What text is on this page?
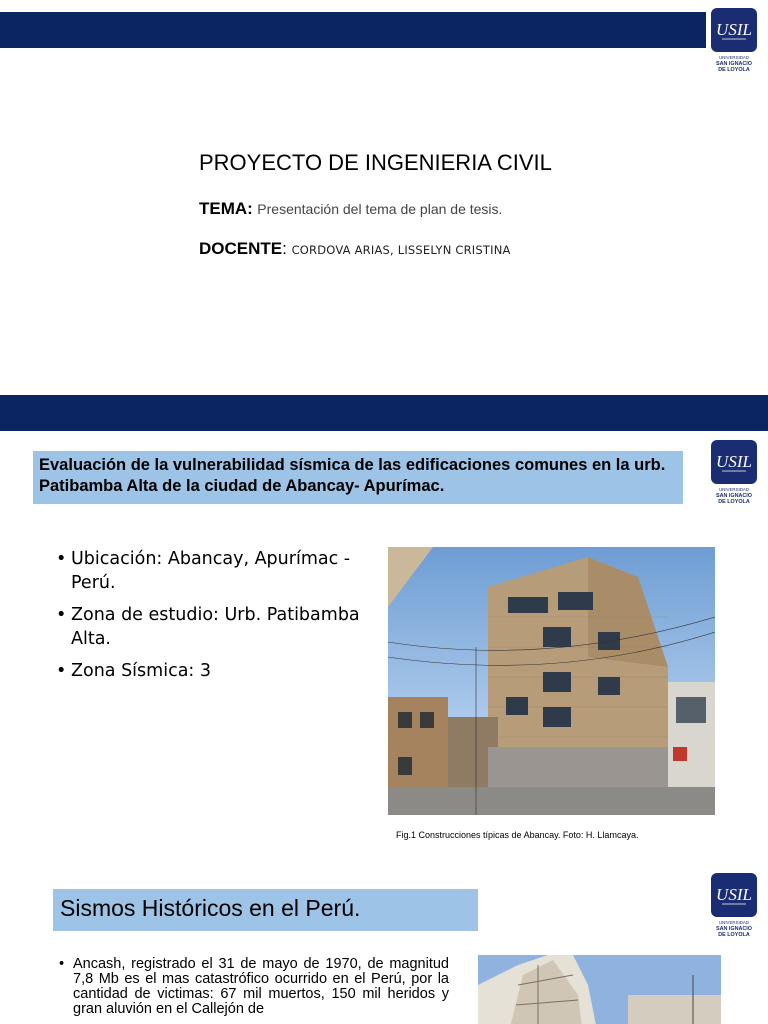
USIL
UNIVERSIDAD
SAN IGNACIO
DE LOYOLA
PROYECTO DE INGENIERIA CIVIL
TEMA: Presentación del tema de plan de tesis.
DOCENTE: CORDOVA ARIAS, LISSELYN CRISTINA
USIL
UNIVERSIDAD
SAN IGNACIO
DE LOYOLA
Evaluación de la vulnerabilidad sísmica de las edificaciones comunes en la urb. Patibamba Alta de la ciudad de Abancay- Apurímac.
• Ubicación: Abancay, Apurímac -Perú.
• Zona de estudio: Urb. Patibamba Alta.
• Zona Sísmica: 3
Fig.1 Construcciones típicas de Abancay. Foto: H. Llamcaya.
USIL
UNIVERSIDAD
SAN IGNACIO
DE LOYOLA
Sismos Históricos en el Perú.
• Ancash, registrado el 31 de mayo de 1970, de magnitud 7,8 Mb es el mas catastrófico ocurrido en el Perú, por la cantidad de victimas: 67 mil muertos, 150 mil heridos y gran aluvión en el Callejón de
